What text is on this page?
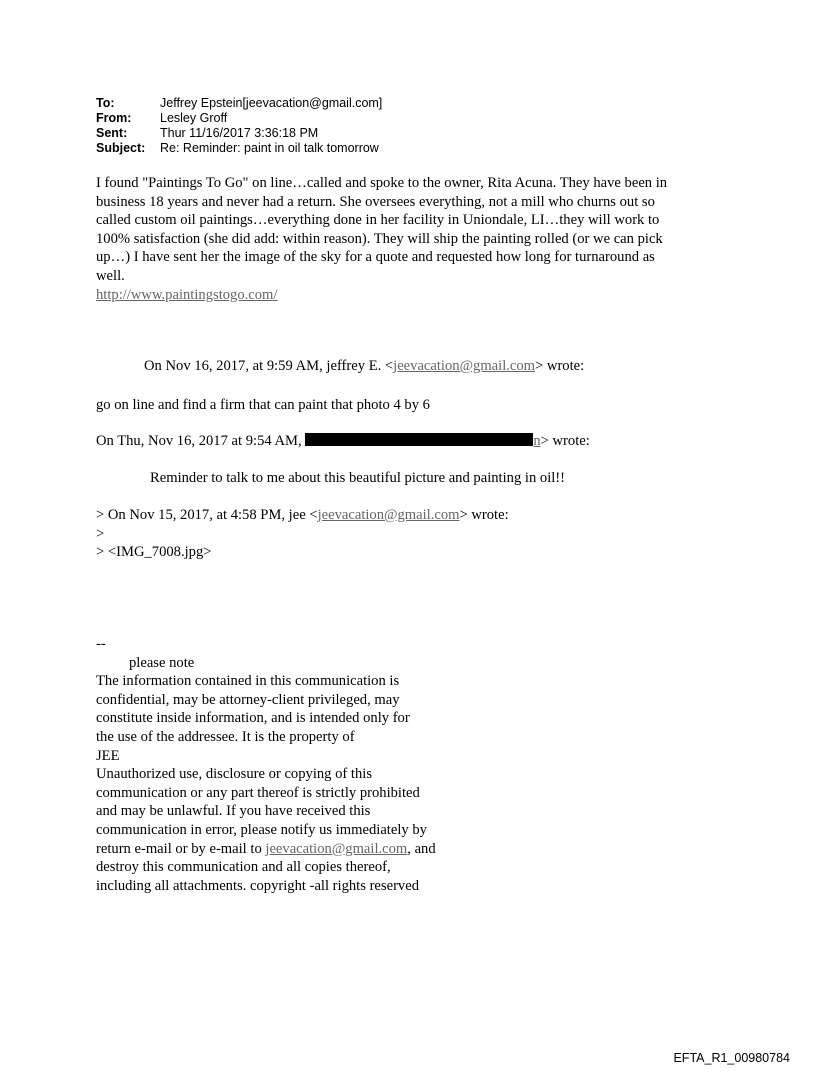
To:	Jeffrey Epstein[jeevacation@gmail.com]
From: Lesley Groff
Sent:	Thur 11/16/2017 3:36:18 PM
Subject: Re: Reminder: paint in oil talk tomorrow
I found "Paintings To Go" on line…called and spoke to the owner, Rita Acuna. They have been in
business 18 years and never had a return. She oversees everything, not a mill who churns out so
called custom oil paintings…everything done in her facility in Uniondale, LI…they will work to
100% satisfaction (she did add: within reason). They will ship the painting rolled (or we can pick
up…) I have sent her the image of the sky for a quote and requested how long for turnaround as
well.
http://www.paintingstogo.com/
On Nov 16, 2017, at 9:59 AM, jeffrey E. <jeevacation@gmail.com> wrote:
go on line and find a firm that can paint that photo 4 by 6
On Thu, Nov 16, 2017 at 9:54 AM,	n> wrote:
Reminder to talk to me about this beautiful picture and painting in oil!!
> On Nov 15, 2017, at 4:58 PM, jee <jeevacation@gmail.com> wrote:
>
> <IMG_7008.jpg>
--
please note
The information contained in this communication is
confidential, may be attorney-client privileged, may
constitute inside information, and is intended only for
the use of the addressee. It is the property of
JEE
Unauthorized use, disclosure or copying of this
communication or any part thereof is strictly prohibited
and may be unlawful. If you have received this
communication in error, please notify us immediately by
return e-mail or by e-mail to jeevacation@gmail.com, and
destroy this communication and all copies thereof,
including all attachments. copyright -all rights reserved
EFTA_R1_00980784
